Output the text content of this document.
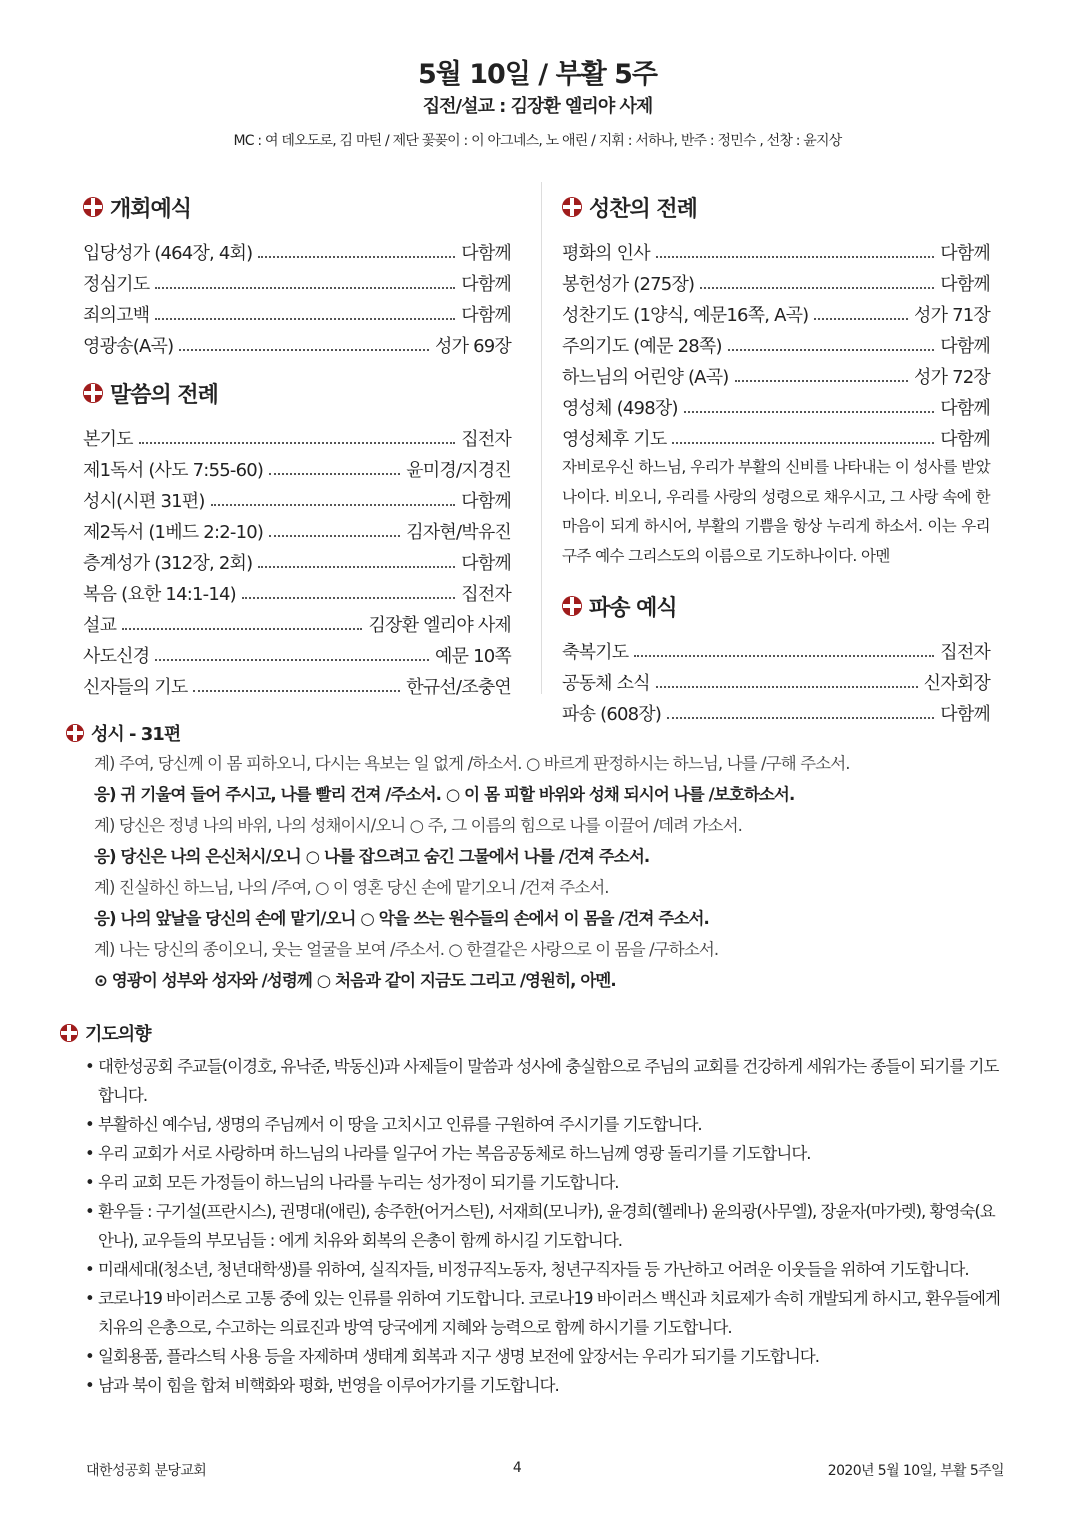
5월 10일 / 부활 5주
집전/설교 : 김장환 엘리야 사제
MC : 여 데오도로, 김 마틴 / 제단 꽃꽂이 : 이 아그네스, 노 애린 / 지휘 : 서하나, 반주 : 정민수 , 선창 : 윤지상
개회예식
입당성가 (464장, 4회)	다함께
정심기도	다함께
죄의고백	다함께
영광송(A곡)	성가 69장
말씀의 전례
본기도	집전자
제1독서 (사도 7:55-60)	윤미경/지경진
성시(시편 31편)	다함께
제2독서 (1베드 2:2-10)	김자현/박유진
층계성가 (312장, 2회)	다함께
복음 (요한 14:1-14)	집전자
설교	김장환 엘리야 사제
사도신경	예문 10쪽
신자들의 기도	한규선/조충연
성찬의 전례
평화의 인사	다함께
봉헌성가 (275장)	다함께
성찬기도 (1양식, 예문16쪽, A곡)	성가 71장
주의기도 (예문 28쪽)	다함께
하느님의 어린양 (A곡)	성가 72장
영성체 (498장)	다함께
영성체후 기도	다함께
자비로우신 하느님, 우리가 부활의 신비를 나타내는 이 성사를 받았나이다. 비오니, 우리를 사랑의 성령으로 채우시고, 그 사랑 속에 한 마음이 되게 하시어, 부활의 기쁨을 항상 누리게 하소서. 이는 우리 구주 예수 그리스도의 이름으로 기도하나이다. 아멘
파송 예식
축복기도	집전자
공동체 소식	신자회장
파송 (608장)	다함께
성시 - 31편
계) 주여, 당신께 이 몸 피하오니, 다시는 욕보는 일 없게 /하소서. ○ 바르게 판정하시는 하느님, 나를 /구해 주소서.
응) 귀 기울여 들어 주시고, 나를 빨리 건져 /주소서. ○ 이 몸 피할 바위와 성채 되시어 나를 /보호하소서.
계) 당신은 정녕 나의 바위, 나의 성채이시/오니 ○ 주, 그 이름의 힘으로 나를 이끌어 /데려 가소서.
응) 당신은 나의 은신처시/오니 ○ 나를 잡으려고 숨긴 그물에서 나를 /건져 주소서.
계) 진실하신 하느님, 나의 /주여, ○ 이 영혼 당신 손에 맡기오니 /건져 주소서.
응) 나의 앞날을 당신의 손에 맡기/오니 ○ 악을 쓰는 원수들의 손에서 이 몸을 /건져 주소서.
계) 나는 당신의 종이오니, 웃는 얼굴을 보여 /주소서. ○ 한결같은 사랑으로 이 몸을 /구하소서.
⊙ 영광이 성부와 성자와 /성령께 ○ 처음과 같이 지금도 그리고 /영원히, 아멘.
기도의향
• 대한성공회 주교들(이경호, 유낙준, 박동신)과 사제들이 말씀과 성사에 충실함으로 주님의 교회를 건강하게 세워가는 종들이 되기를 기도합니다.
• 부활하신 예수님, 생명의 주님께서 이 땅을 고치시고 인류를 구원하여 주시기를 기도합니다.
• 우리 교회가 서로 사랑하며 하느님의 나라를 일구어 가는 복음공동체로 하느님께 영광 돌리기를 기도합니다.
• 우리 교회 모든 가정들이 하느님의 나라를 누리는 성가정이 되기를 기도합니다.
• 환우들 : 구기설(프란시스), 권명대(애린), 송주한(어거스틴), 서재희(모니카), 윤경희(헬레나) 윤의광(사무엘), 장윤자(마가렛), 황영숙(요안나), 교우들의 부모님들 : 에게 치유와 회복의 은총이 함께 하시길 기도합니다.
• 미래세대(청소년, 청년대학생)를 위하여, 실직자들, 비정규직노동자, 청년구직자들 등 가난하고 어려운 이웃들을 위하여 기도합니다.
• 코로나19 바이러스로 고통 중에 있는 인류를 위하여 기도합니다. 코로나19 바이러스 백신과 치료제가 속히 개발되게 하시고, 환우들에게 치유의 은총으로, 수고하는 의료진과 방역 당국에게 지혜와 능력으로 함께 하시기를 기도합니다.
• 일회용품, 플라스틱 사용 등을 자제하며 생태계 회복과 지구 생명 보전에 앞장서는 우리가 되기를 기도합니다.
• 남과 북이 힘을 합쳐 비핵화와 평화, 번영을 이루어가기를 기도합니다.
대한성공회 분당교회	4	2020년 5월 10일, 부활 5주일
